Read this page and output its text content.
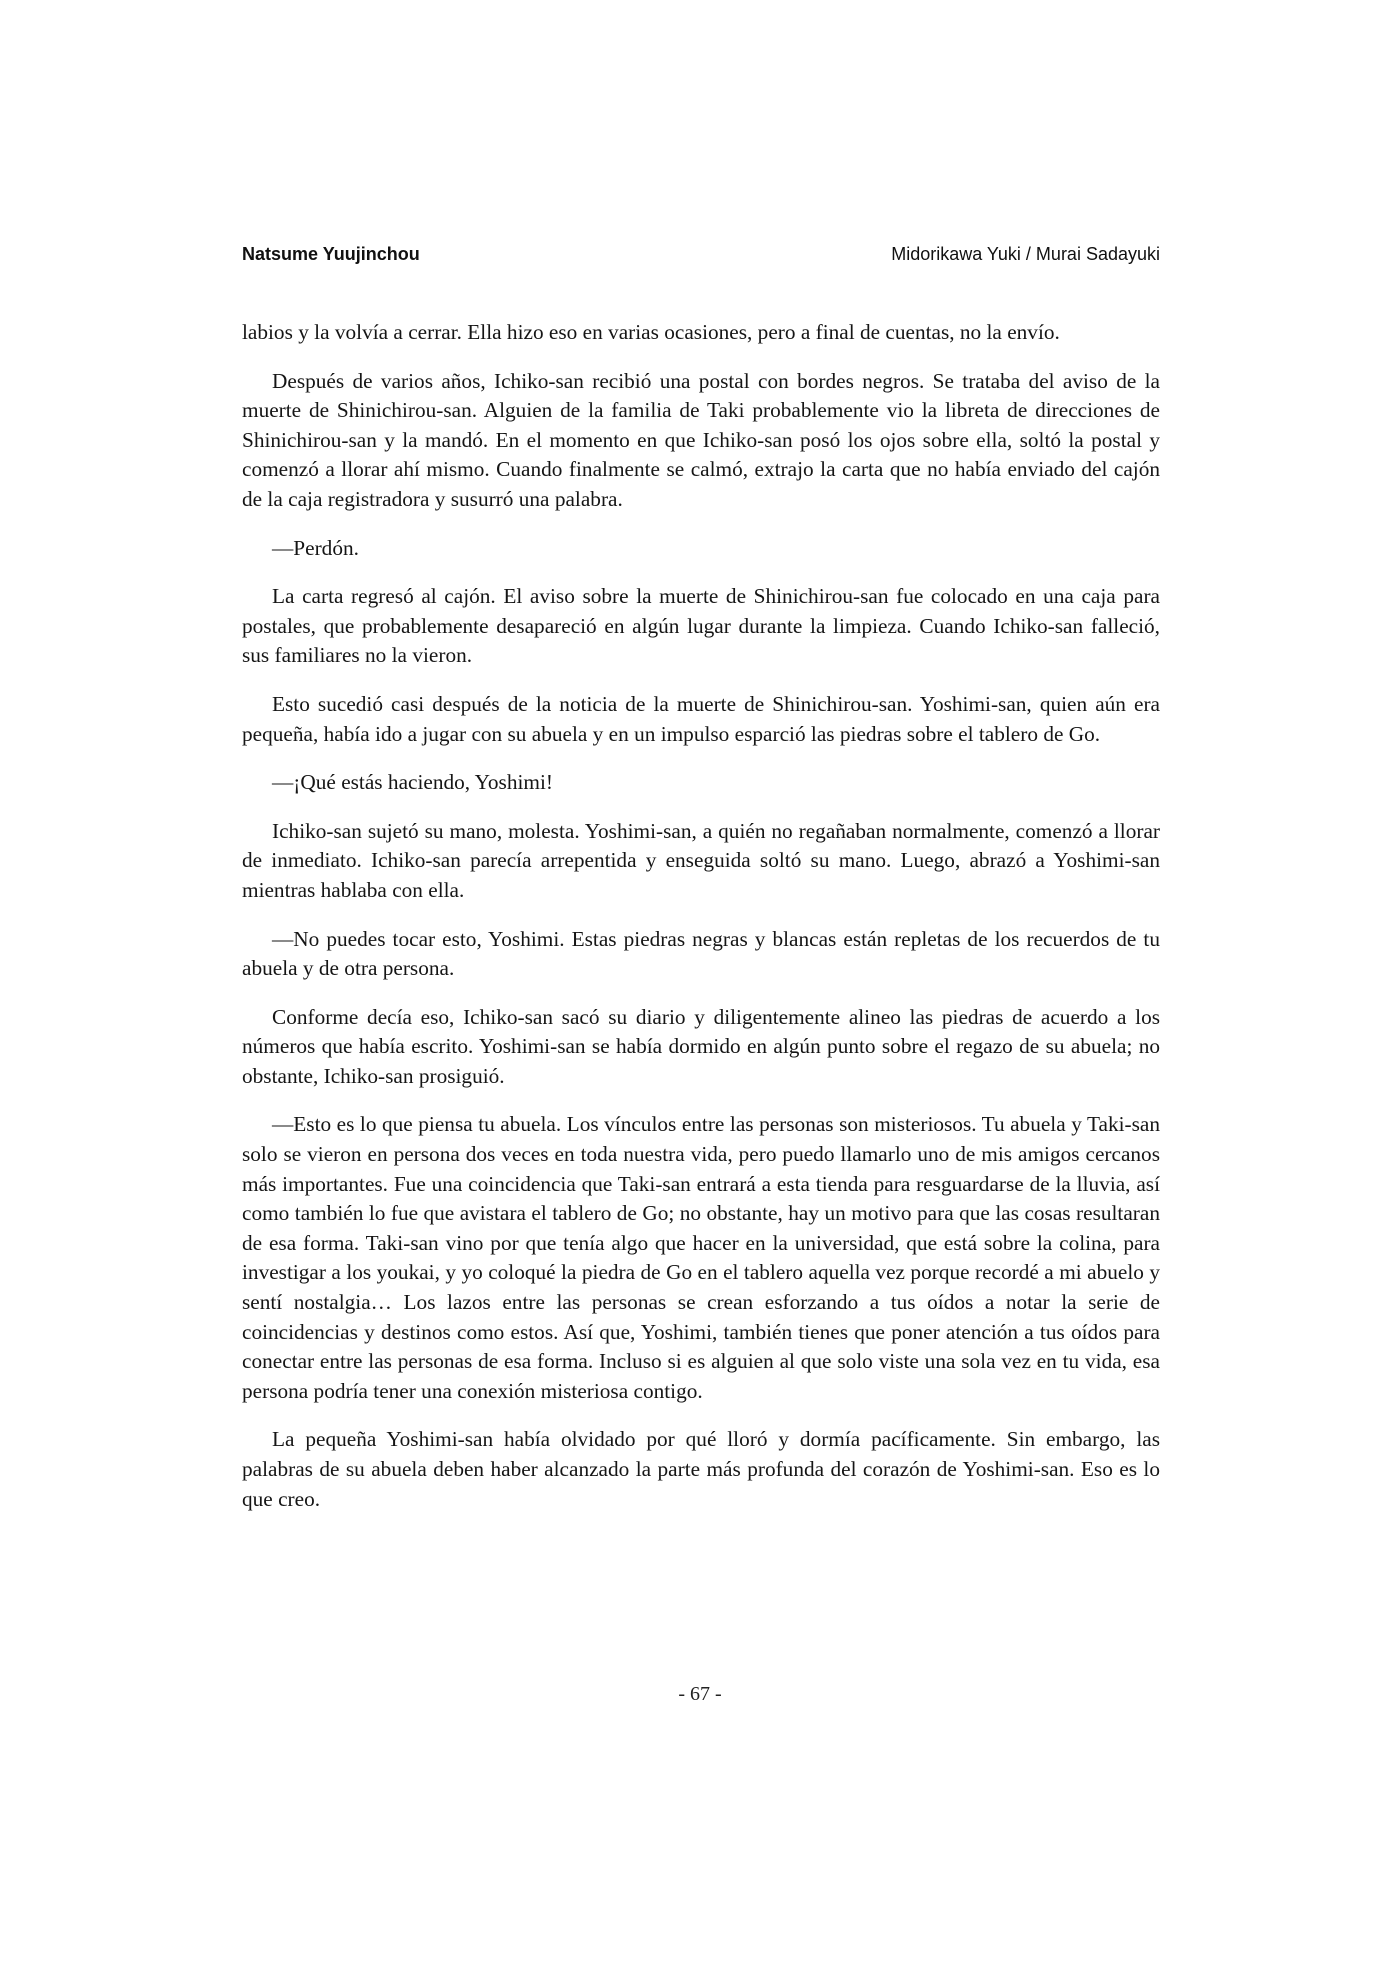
Natsume Yuujinchou	Midorikawa Yuki / Murai Sadayuki

labios y la volvía a cerrar. Ella hizo eso en varias ocasiones, pero a final de cuentas, no la envío.

Después de varios años, Ichiko-san recibió una postal con bordes negros. Se trataba del aviso de la muerte de Shinichirou-san. Alguien de la familia de Taki probablemente vio la libreta de direcciones de Shinichirou-san y la mandó. En el momento en que Ichiko-san posó los ojos sobre ella, soltó la postal y comenzó a llorar ahí mismo. Cuando finalmente se calmó, extrajo la carta que no había enviado del cajón de la caja registradora y susurró una palabra.

—Perdón.

La carta regresó al cajón. El aviso sobre la muerte de Shinichirou-san fue colocado en una caja para postales, que probablemente desapareció en algún lugar durante la limpieza. Cuando Ichiko-san falleció, sus familiares no la vieron.

Esto sucedió casi después de la noticia de la muerte de Shinichirou-san. Yoshimi-san, quien aún era pequeña, había ido a jugar con su abuela y en un impulso esparció las piedras sobre el tablero de Go.

—¡Qué estás haciendo, Yoshimi!

Ichiko-san sujetó su mano, molesta. Yoshimi-san, a quién no regañaban normalmente, comenzó a llorar de inmediato. Ichiko-san parecía arrepentida y enseguida soltó su mano. Luego, abrazó a Yoshimi-san mientras hablaba con ella.

—No puedes tocar esto, Yoshimi. Estas piedras negras y blancas están repletas de los recuerdos de tu abuela y de otra persona.

Conforme decía eso, Ichiko-san sacó su diario y diligentemente alineo las piedras de acuerdo a los números que había escrito. Yoshimi-san se había dormido en algún punto sobre el regazo de su abuela; no obstante, Ichiko-san prosiguió.

—Esto es lo que piensa tu abuela. Los vínculos entre las personas son misteriosos. Tu abuela y Taki-san solo se vieron en persona dos veces en toda nuestra vida, pero puedo llamarlo uno de mis amigos cercanos más importantes. Fue una coincidencia que Taki-san entrará a esta tienda para resguardarse de la lluvia, así como también lo fue que avistara el tablero de Go; no obstante, hay un motivo para que las cosas resultaran de esa forma. Taki-san vino por que tenía algo que hacer en la universidad, que está sobre la colina, para investigar a los youkai, y yo coloqué la piedra de Go en el tablero aquella vez porque recordé a mi abuelo y sentí nostalgia… Los lazos entre las personas se crean esforzando a tus oídos a notar la serie de coincidencias y destinos como estos. Así que, Yoshimi, también tienes que poner atención a tus oídos para conectar entre las personas de esa forma. Incluso si es alguien al que solo viste una sola vez en tu vida, esa persona podría tener una conexión misteriosa contigo.

La pequeña Yoshimi-san había olvidado por qué lloró y dormía pacíficamente. Sin embargo, las palabras de su abuela deben haber alcanzado la parte más profunda del corazón de Yoshimi-san. Eso es lo que creo.

- 67 -
